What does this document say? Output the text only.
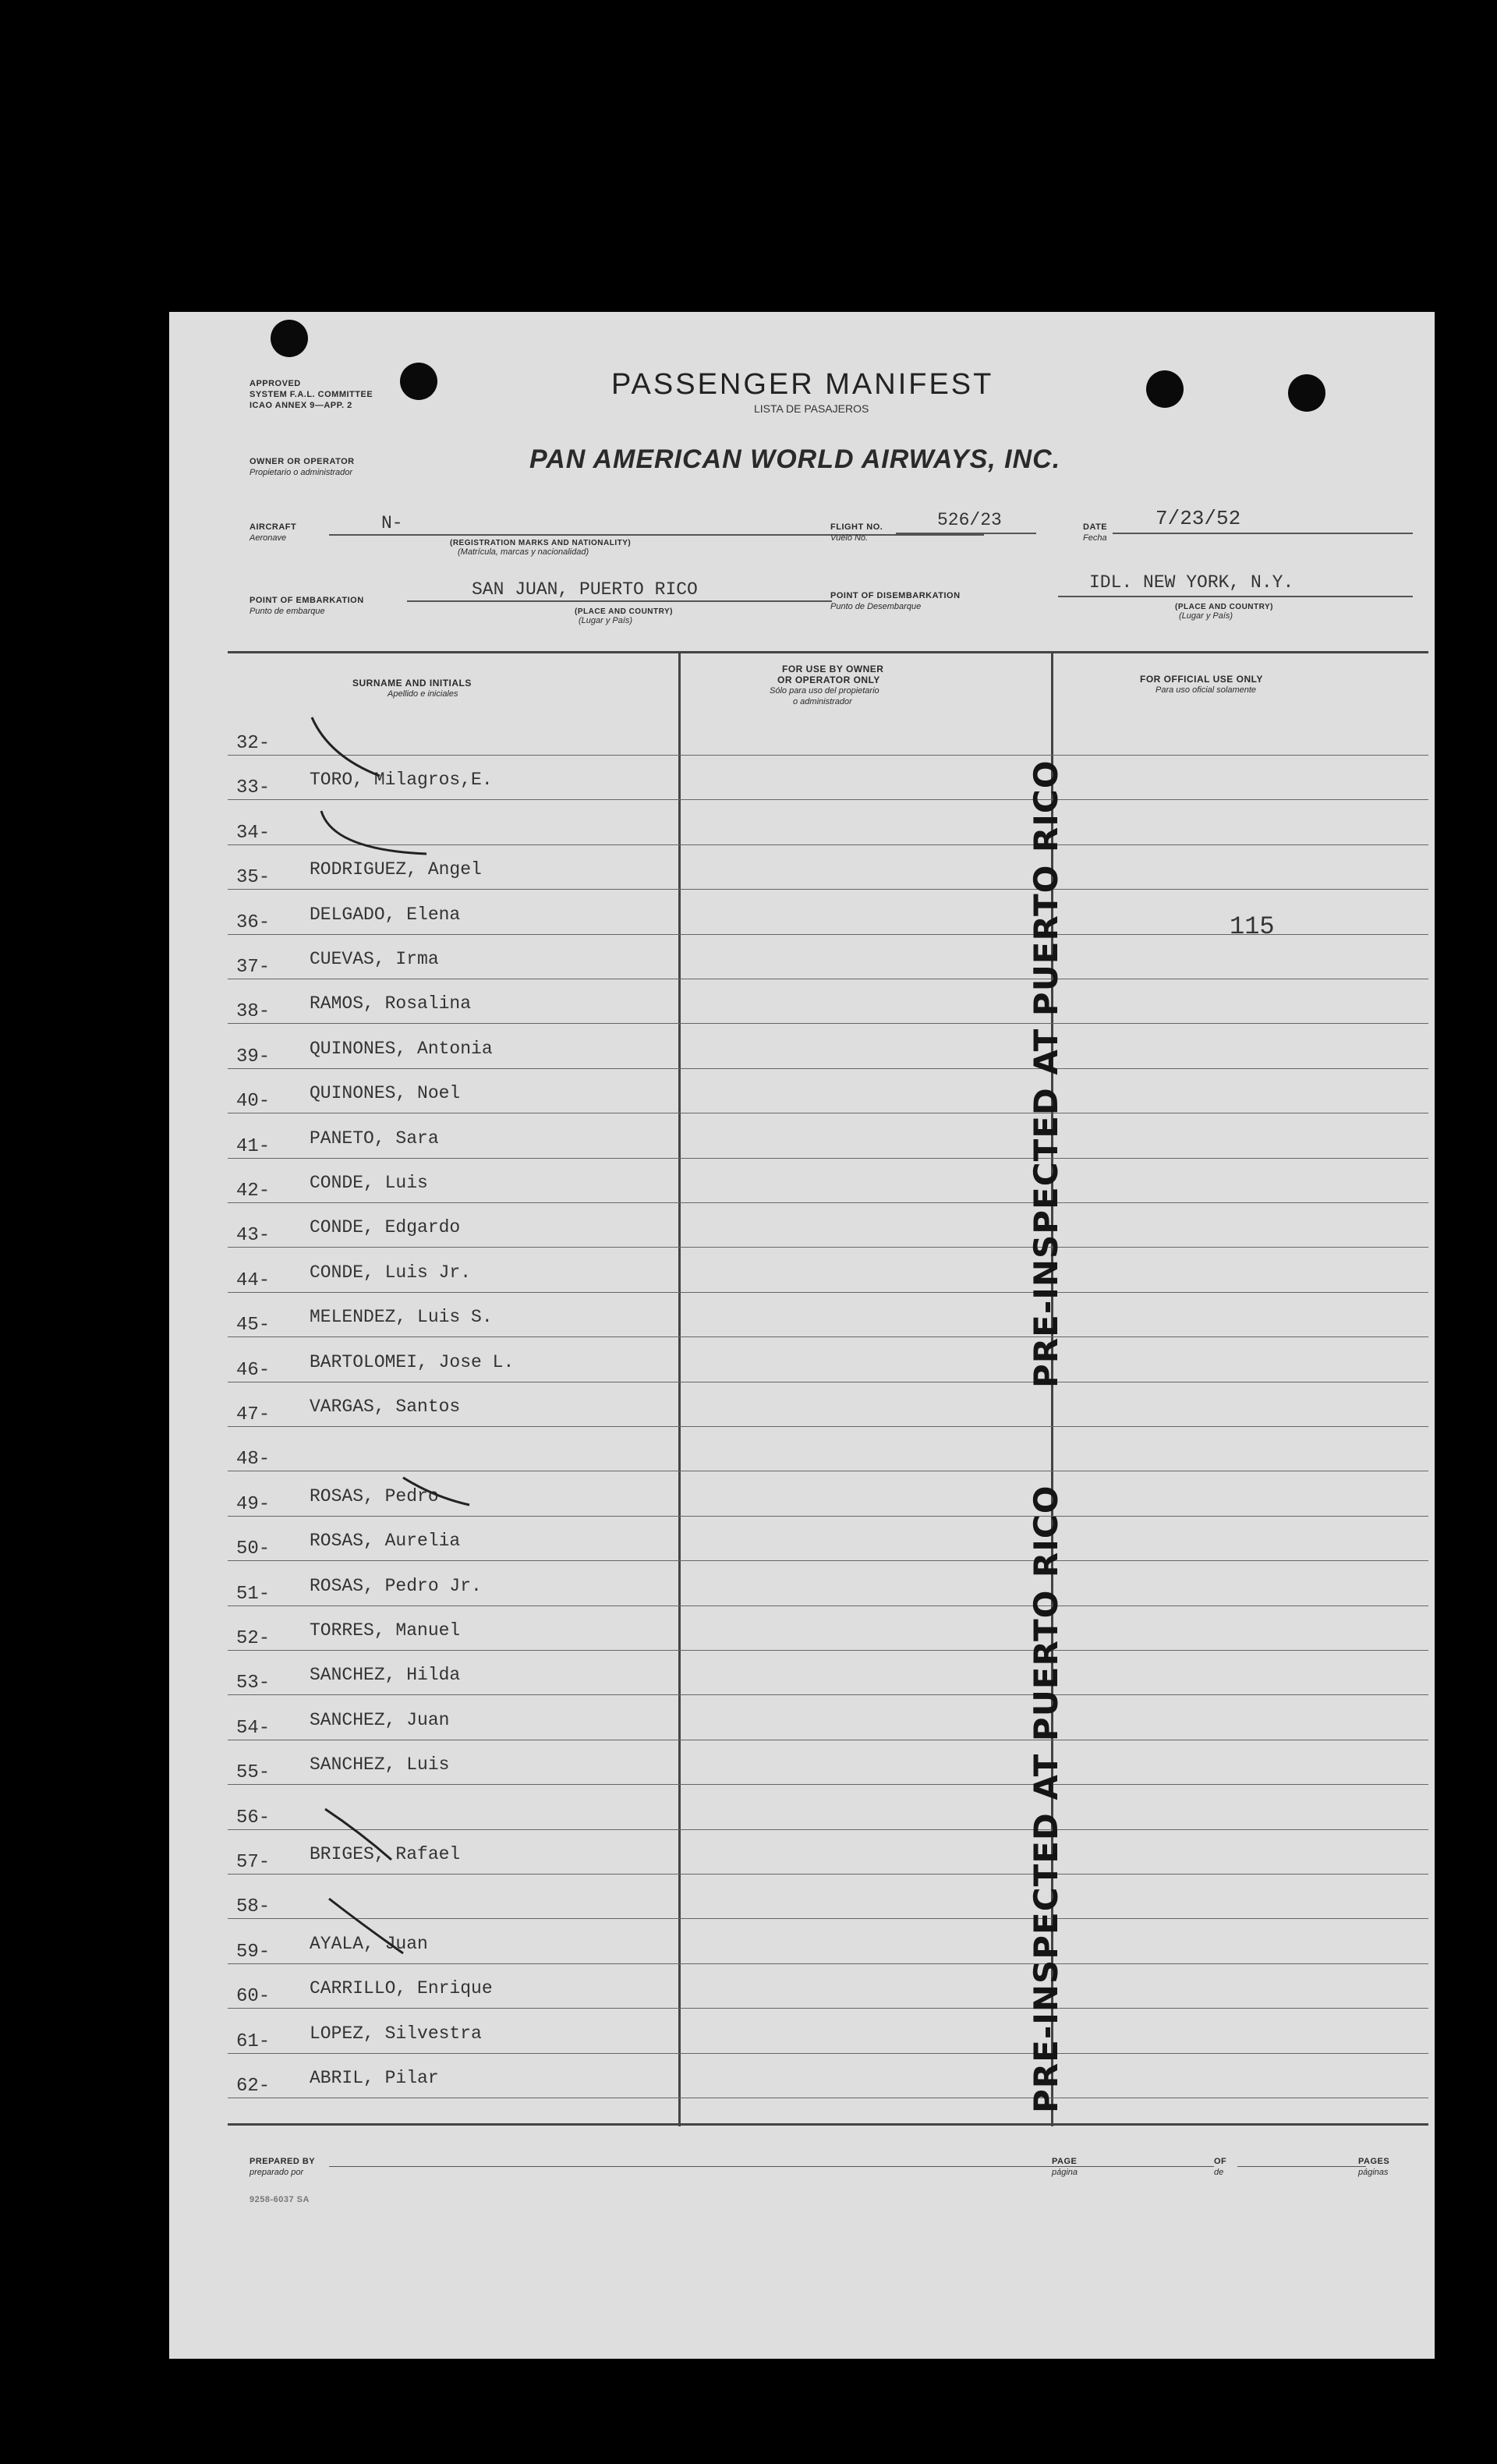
APPROVED
SYSTEM F.A.L. COMMITTEE
ICAO ANNEX 9—APP. 2
PASSENGER MANIFEST
LISTA DE PASAJEROS
OWNER OR OPERATOR
Propietario o administrador	PAN AMERICAN WORLD AIRWAYS, INC.
AIRCRAFT
Aeronave
N-
(REGISTRATION MARKS AND NATIONALITY)
(Matrícula, marcas y nacionalidad)
FLIGHT NO.
Vuelo No.
526/23	DATE
Fecha
7/23/52
POINT OF EMBARKATION
Punto de embarque
SAN JUAN, PUERTO RICO
(PLACE AND COUNTRY)
(Lugar y País)
POINT OF DISEMBARKATION
Punto de Desembarque
IDL. NEW YORK, N.Y.
(PLACE AND COUNTRY)
(Lugar y País)
SURNAME AND INITIALS
Apellido e iniciales
FOR USE BY OWNER
OR OPERATOR ONLY
Sólo para uso del propietario
o administrador
FOR OFFICIAL USE ONLY
Para uso oficial solamente
32-
33-	TORO, Milagros,E.
34-
35-	RODRIGUEZ, Angel
36-	DELGADO, Elena
37-	CUEVAS, Irma
38-	RAMOS, Rosalina
39-	QUINONES, Antonia
40-	QUINONES, Noel
41-	PANETO, Sara
42-	CONDE, Luis
43-	CONDE, Edgardo
44-	CONDE, Luis Jr.
45-	MELENDEZ, Luis S.
46-	BARTOLOMEI, Jose L.
47-	VARGAS, Santos
48-
49-	ROSAS, Pedro
50-	ROSAS, Aurelia
51-	ROSAS, Pedro Jr.
52-	TORRES, Manuel
53-	SANCHEZ, Hilda
54-	SANCHEZ, Juan
55-	SANCHEZ, Luis
56-
57-	BRIGES, Rafael
58-
59-	AYALA, Juan
60-	CARRILLO, Enrique
61-	LOPEZ, Silvestra
62-	ABRIL, Pilar
115
PRE-INSPECTED AT PUERTO RICO
PRE-INSPECTED AT PUERTO RICO
PREPARED BY
preparado por
PAGE
página
OF
de
PAGES
páginas
9258-6037 SA
